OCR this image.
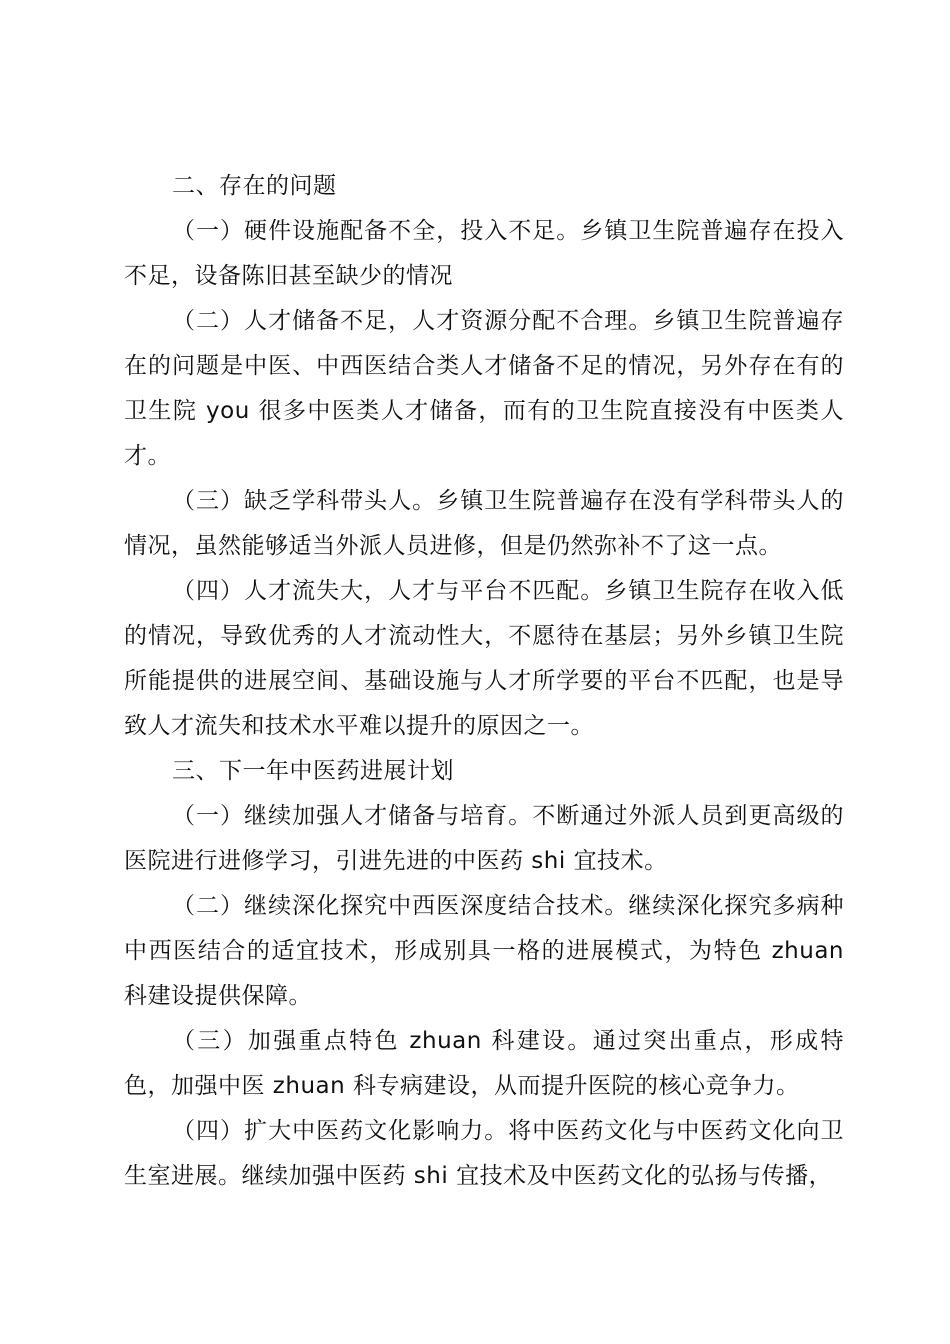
二、存在的问题

（一）硬件设施配备不全，投入不足。乡镇卫生院普遍存在投入不足，设备陈旧甚至缺少的情况

（二）人才储备不足，人才资源分配不合理。乡镇卫生院普遍存在的问题是中医、中西医结合类人才储备不足的情况，另外存在有的卫生院 you 很多中医类人才储备，而有的卫生院直接没有中医类人才。

（三）缺乏学科带头人。乡镇卫生院普遍存在没有学科带头人的情况，虽然能够适当外派人员进修，但是仍然弥补不了这一点。

（四）人才流失大，人才与平台不匹配。乡镇卫生院存在收入低的情况，导致优秀的人才流动性大，不愿待在基层；另外乡镇卫生院所能提供的进展空间、基础设施与人才所学要的平台不匹配，也是导致人才流失和技术水平难以提升的原因之一。

三、下一年中医药进展计划

（一）继续加强人才储备与培育。不断通过外派人员到更高级的医院进行进修学习，引进先进的中医药 shi 宜技术。

（二）继续深化探究中西医深度结合技术。继续深化探究多病种中西医结合的适宜技术，形成别具一格的进展模式，为特色 zhuan 科建设提供保障。

（三）加强重点特色 zhuan 科建设。通过突出重点，形成特色，加强中医 zhuan 科专病建设，从而提升医院的核心竞争力。

（四）扩大中医药文化影响力。将中医药文化与中医药文化向卫生室进展。继续加强中医药 shi 宜技术及中医药文化的弘扬与传播，
